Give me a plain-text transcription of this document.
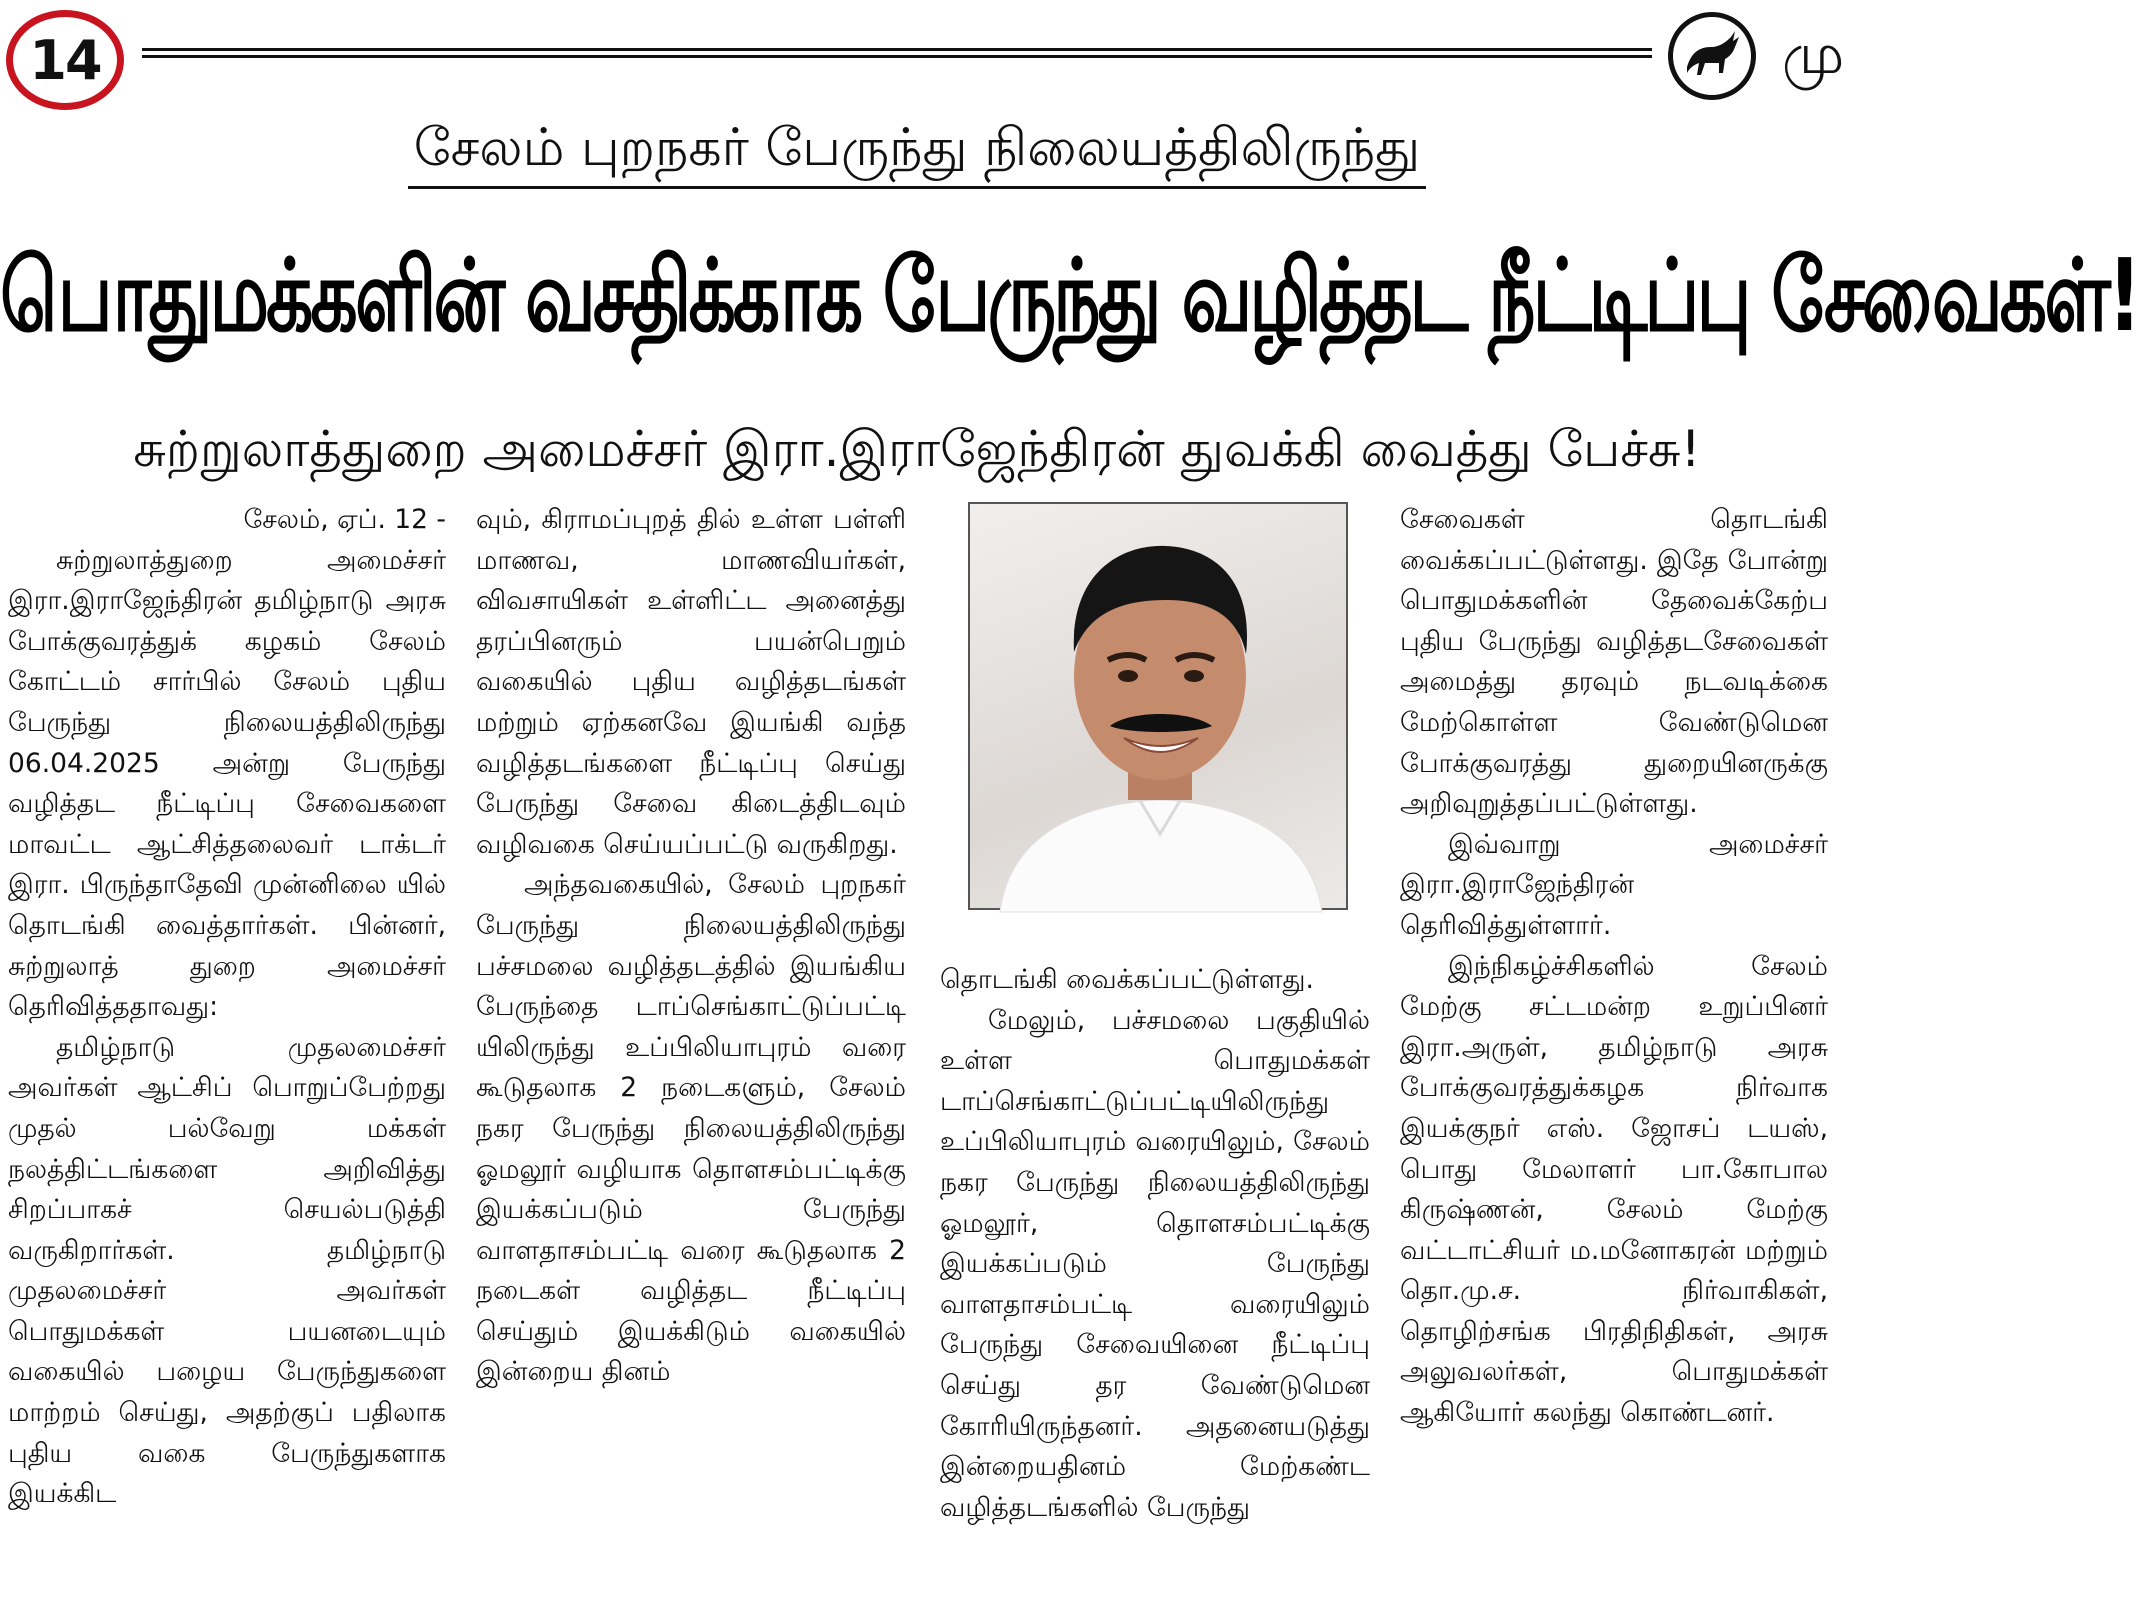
14	மு
சேலம் புறநகர் பேருந்து நிலையத்திலிருந்து
பொதுமக்களின் வசதிக்காக பேருந்து வழித்தட நீட்டிப்பு சேவைகள்!
சுற்றுலாத்துறை அமைச்சர் இரா.இராஜேந்திரன் துவக்கி வைத்து பேச்சு!
சேலம், ஏப். 12 -

சுற்றுலாத்துறை அமைச்சர் இரா.இராஜேந்திரன் தமிழ்நாடு அரசு போக்குவரத்துக் கழகம் சேலம் கோட்டம் சார்பில் சேலம் புதிய பேருந்து நிலையத்திலிருந்து 06.04.2025 அன்று பேருந்து வழித்தட நீட்டிப்பு சேவைகளை மாவட்ட ஆட்சித்தலைவர் டாக்டர் இரா. பிருந்தாதேவி முன்னிலை யில் தொடங்கி வைத்தார்கள். பின்னர், சுற்றுலாத் துறை அமைச்சர் தெரிவித்ததாவது:

தமிழ்நாடு முதலமைச்சர் அவர்கள் ஆட்சிப் பொறுப்பேற்றது முதல் பல்வேறு மக்கள் நலத்திட்டங்களை அறிவித்து சிறப்பாகச் செயல்படுத்தி வருகிறார்கள். தமிழ்நாடு முதலமைச்சர் அவர்கள் பொதுமக்கள் பயனடையும் வகையில் பழைய பேருந்துகளை மாற்றம் செய்து, அதற்குப் பதிலாக புதிய வகை பேருந்துகளாக இயக்கிட

வும், கிராமப்புறத் தில் உள்ள பள்ளி மாணவ, மாணவியர்கள், விவசாயிகள் உள்ளிட்ட அனைத்து தரப்பினரும் பயன்பெறும் வகையில் புதிய வழித்தடங்கள் மற்றும் ஏற்கனவே இயங்கி வந்த வழித்தடங்களை நீட்டிப்பு செய்து பேருந்து சேவை கிடைத்திடவும் வழிவகை செய்யப்பட்டு வருகிறது.

அந்தவகையில், சேலம் புறநகர் பேருந்து நிலையத்திலிருந்து பச்சமலை வழித்தடத்தில் இயங்கிய பேருந்தை டாப்செங்காட்டுப்பட்டி யிலிருந்து உப்பிலியாபுரம் வரை கூடுதலாக 2 நடைகளும், சேலம் நகர பேருந்து நிலையத்திலிருந்து ஓமலூர் வழியாக தொளசம்பட்டிக்கு இயக்கப்படும் பேருந்து வாளதாசம்பட்டி வரை கூடுதலாக 2 நடைகள் வழித்தட நீட்டிப்பு செய்தும் இயக்கிடும் வகையில் இன்றைய தினம்

தொடங்கி வைக்கப்பட்டுள்ளது.

மேலும், பச்சமலை பகுதியில் உள்ள பொதுமக்கள் டாப்செங்காட்டுப்பட்டியிலிருந்து உப்பிலியாபுரம் வரையிலும், சேலம் நகர பேருந்து நிலையத்திலிருந்து ஓமலூர், தொளசம்பட்டிக்கு இயக்கப்படும் பேருந்து வாளதாசம்பட்டி வரையிலும் பேருந்து சேவையினை நீட்டிப்பு செய்து தர வேண்டுமென கோரியிருந்தனர். அதனையடுத்து இன்றையதினம் மேற்கண்ட வழித்தடங்களில் பேருந்து

சேவைகள் தொடங்கி வைக்கப்பட்டுள்ளது. இதே போன்று பொதுமக்களின் தேவைக்கேற்ப புதிய பேருந்து வழித்தடசேவைகள் அமைத்து தரவும் நடவடிக்கை மேற்கொள்ள வேண்டுமென போக்குவரத்து துறையினருக்கு அறிவுறுத்தப்பட்டுள்ளது.

இவ்வாறு அமைச்சர் இரா.இராஜேந்திரன் தெரிவித்துள்ளார்.

இந்நிகழ்ச்சிகளில் சேலம் மேற்கு சட்டமன்ற உறுப்பினர் இரா.அருள், தமிழ்நாடு அரசு போக்குவரத்துக்கழக நிர்வாக இயக்குநர் எஸ். ஜோசப் டயஸ், பொது மேலாளர் பா.கோபால கிருஷ்ணன், சேலம் மேற்கு வட்டாட்சியர் ம.மனோகரன் மற்றும் தொ.மு.ச. நிர்வாகிகள், தொழிற்சங்க பிரதிநிதிகள், அரசு அலுவலர்கள், பொதுமக்கள் ஆகியோர் கலந்து கொண்டனர்.
